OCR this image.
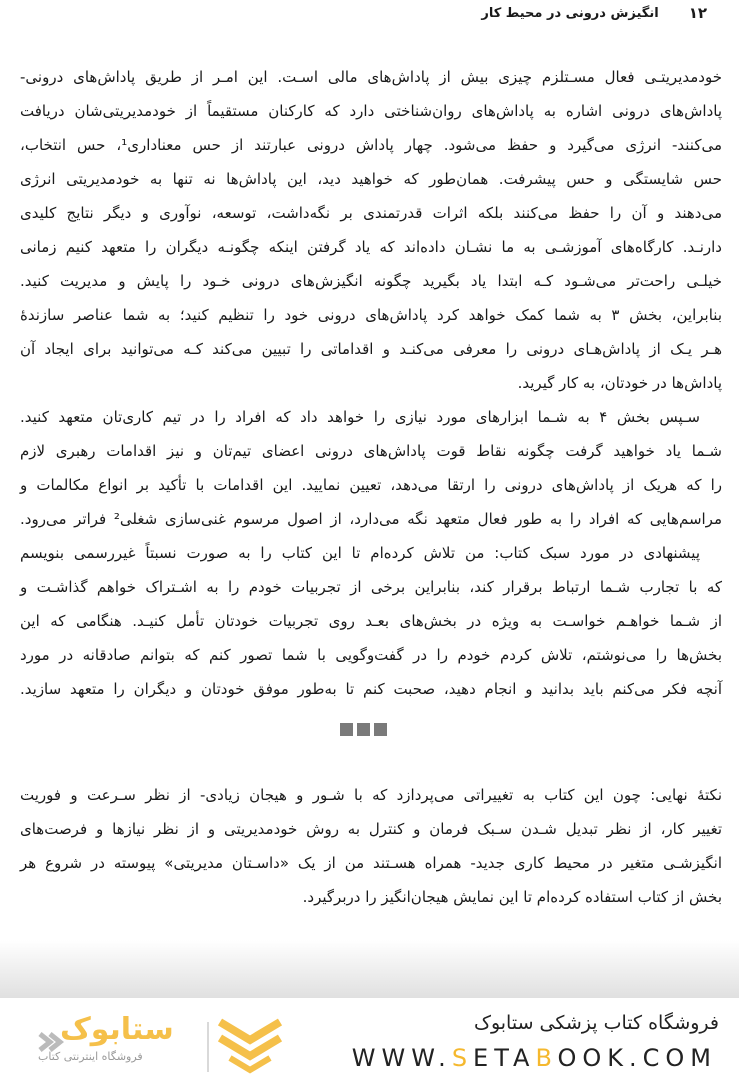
۱۲
انگیزش درونی در محیط کار
خودمدیریتـی فعال مسـتلزم چیزی بیش از پاداش‌های مالی اسـت. این امـر از طریق پاداش‌های درونی-
پاداش‌های درونی اشاره به پاداش‌های روان‌شناختی دارد که کارکنان مستقیماً از خودمدیریتی‌شان دریافت
می‌کنند- انرژی می‌گیرد و حفظ می‌شود. چهار پاداش درونی عبارتند از حس معناداری¹، حس انتخاب،
حس شایستگی و حس پیشرفت. همان‌طور که خواهید دید، این پاداش‌ها نه تنها به خودمدیریتی انرژی
می‌دهند و آن را حفظ می‌کنند بلکه اثرات قدرتمندی بر نگه‌داشت، توسعه، نوآوری و دیگر نتایج کلیدی
دارنـد. کارگاه‌های آموزشـی به ما نشـان داده‌اند که یاد گرفتن اینکه چگونـه دیگران را متعهد کنیم زمانی
خیلـی راحت‌تر می‌شـود کـه ابتدا یاد بگیرید چگونه انگیزش‌های درونی خـود را پایش و مدیریت کنید.
بنابراین، بخش ۳ به شما کمک خواهد کرد پاداش‌های درونی خود را تنظیم کنید؛ به شما عناصر سازندهٔ
هـر یـک از پاداش‌هـای درونی را معرفی می‌کنـد و اقداماتی را تبیین می‌کند کـه می‌توانید برای ایجاد آن
پاداش‌ها در خودتان، به کار گیرید.
سـپس بخش ۴ به شـما ابزارهای مورد نیازی را خواهد داد که افراد را در تیم کاری‌تان متعهد کنید.
شـما یاد خواهید گرفت چگونه نقاط قوت پاداش‌های درونی اعضای تیم‌تان و نیز اقدامات رهبری لازم
را که هریک از پاداش‌های درونی را ارتقا می‌دهد، تعیین نمایید. این اقدامات با تأکید بر انواع مکالمات و
مراسم‌هایی که افراد را به طور فعال متعهد نگه می‌دارد، از اصول مرسوم غنی‌سازی شغلی² فراتر می‌رود.
پیشنهادی در مورد سبک کتاب: من تلاش کرده‌ام تا این کتاب را به صورت نسبتاً غیررسمی بنویسم
که با تجارب شـما ارتباط برقرار کند، بنابراین برخی از تجربیات خودم را به اشـتراک خواهم گذاشـت و
از شـما خواهـم خواسـت به ویژه در بخش‌های بعـد روی تجربیات خودتان تأمل کنیـد. هنگامی که این
بخش‌ها را می‌نوشتم، تلاش کردم خودم را در گفت‌وگویی با شما تصور کنم که بتوانم صادقانه در مورد
آنچه فکر می‌کنم باید بدانید و انجام دهید، صحبت کنم تا به‌طور موفق خودتان و دیگران را متعهد سازید.
نکتهٔ نهایی: چون این کتاب به تغییراتی می‌پردازد که با شـور و هیجان زیادی- از نظر سـرعت و فوریت
تغییر کار، از نظر تبدیل شـدن سـبک فرمان و کنترل به روش خودمدیریتی و از نظر نیازها و فرصت‌های
انگیزشـی متغیر در محیط کاری جدید- همراه هسـتند من از یک «داسـتان مدیریتی» پیوسته در شروع هر
بخش از کتاب استفاده کرده‌ام تا این نمایش هیجان‌انگیز را دربرگیرد.
ستابوک
فروشگاه اینترنتی کتاب
فروشگاه کتاب پزشکی ستابوک
WWW.SETABOOK.COM
